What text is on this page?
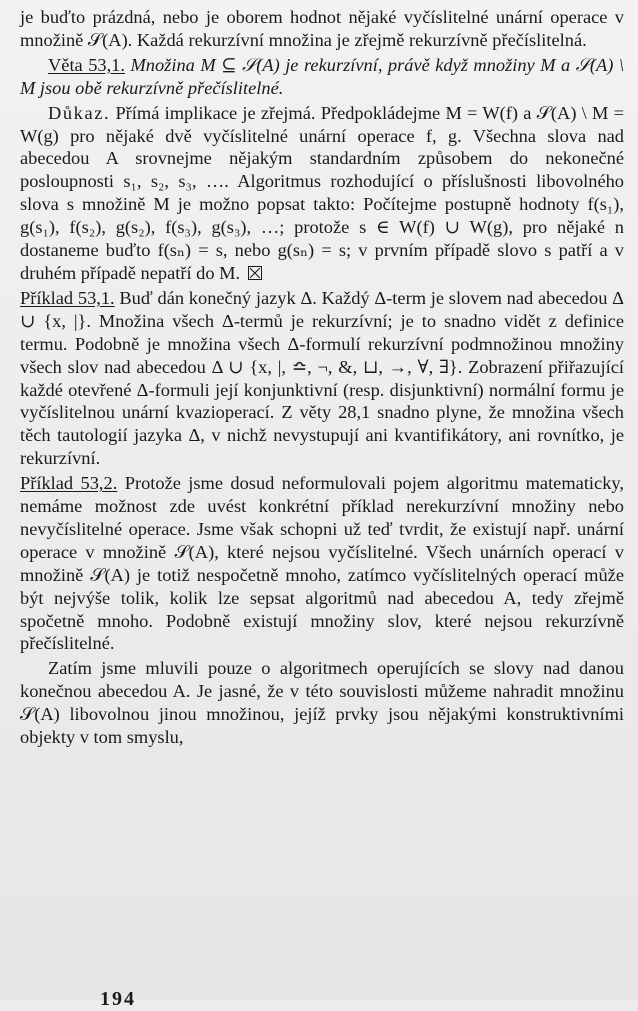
je buďto prázdná, nebo je oborem hodnot nějaké vyčíslitelné unární operace v množině 𝒮(A). Každá rekurzívní množina je zřejmě rekurzívně přečíslitelná.

Věta 53,1. Množina M ⊆ 𝒮(A) je rekurzívní, právě když množiny M a 𝒮(A) \ M jsou obě rekurzívně přečíslitelné.

Důkaz. Přímá implikace je zřejmá. Předpokládejme M = W(f) a 𝒮(A) \ M = W(g) pro nějaké dvě vyčíslitelné unární operace f, g. Všechna slova nad abecedou A srovnejme nějakým standardním způsobem do nekonečné posloupnosti s₁, s₂, s₃, …. Algoritmus rozhodující o příslušnosti libovolného slova s množině M je možno popsat takto: Počítejme postupně hodnoty f(s₁), g(s₁), f(s₂), g(s₂), f(s₃), g(s₃), …; protože s ∈ W(f) ∪ W(g), pro nějaké n dostaneme buďto f(sₙ) = s, nebo g(sₙ) = s; v prvním případě slovo s patří a v druhém případě nepatří do M.

Příklad 53,1. Buď dán konečný jazyk Δ. Každý Δ-term je slovem nad abecedou Δ ∪ {x, |}. Množina všech Δ-termů je rekurzívní; je to snadno vidět z definice termu. Podobně je množina všech Δ-formulí rekurzívní podmnožinou množiny všech slov nad abecedou Δ ∪ {x, |, ≏, ¬, &, ⊔, →, ∀, ∃}. Zobrazení přiřazující každé otevřené Δ-formuli její konjunktivní (resp. disjunktivní) normální formu je vyčíslitelnou unární kvazioperací. Z věty 28,1 snadno plyne, že množina všech těch tautologií jazyka Δ, v nichž nevystupují ani kvantifikátory, ani rovnítko, je rekurzívní.

Příklad 53,2. Protože jsme dosud neformulovali pojem algoritmu matematicky, nemáme možnost zde uvést konkrétní příklad nerekurzívní množiny nebo nevyčíslitelné operace. Jsme však schopni už teď tvrdit, že existují např. unární operace v množině 𝒮(A), které nejsou vyčíslitelné. Všech unárních operací v množině 𝒮(A) je totiž nespočetně mnoho, zatímco vyčíslitelných operací může být nejvýše tolik, kolik lze sepsat algoritmů nad abecedou A, tedy zřejmě spočetně mnoho. Podobně existují množiny slov, které nejsou rekurzívně přečíslitelné.

Zatím jsme mluvili pouze o algoritmech operujících se slovy nad danou konečnou abecedou A. Je jasné, že v této souvislosti můžeme nahradit množinu 𝒮(A) libovolnou jinou množinou, jejíž prvky jsou nějakými konstruktivními objekty v tom smyslu,

194
